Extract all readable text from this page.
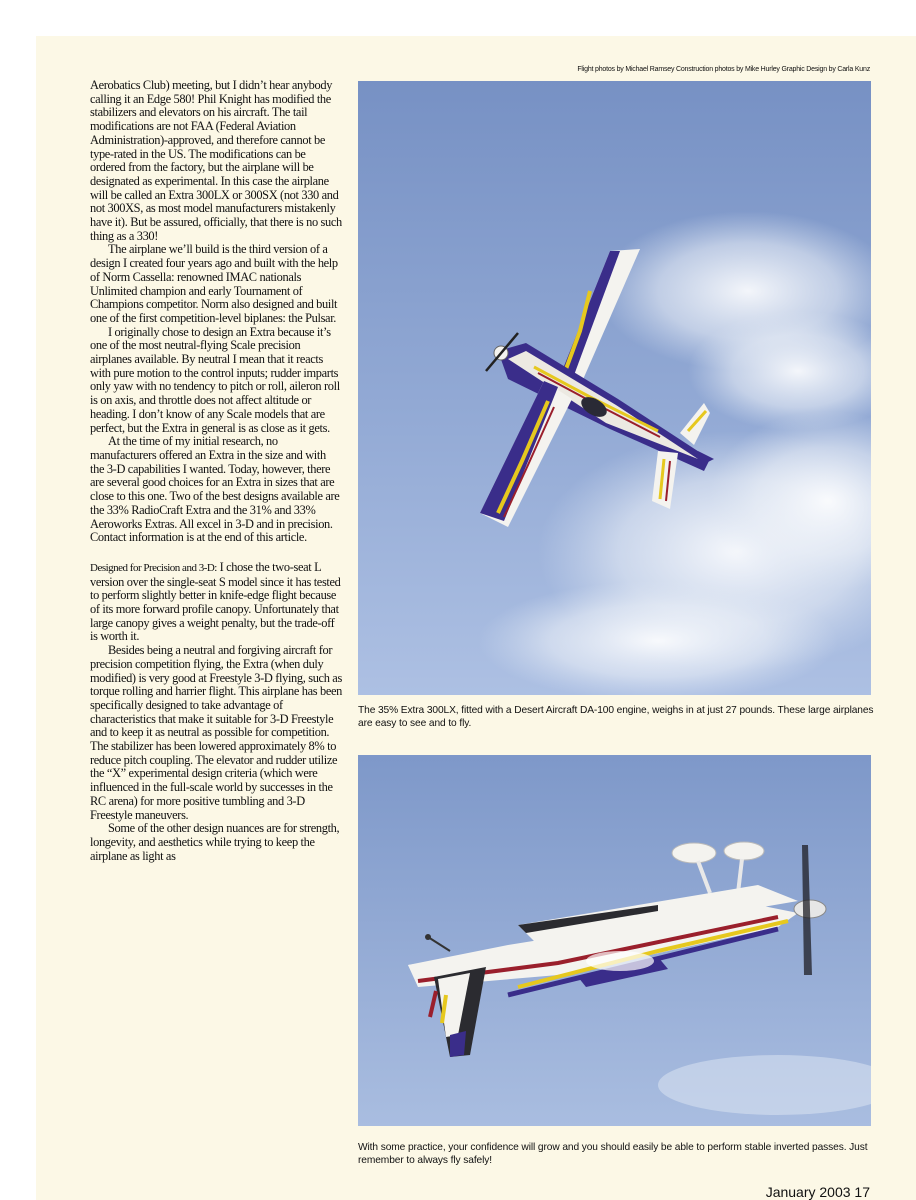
Flight photos by Michael Ramsey Construction photos by Mike Hurley Graphic Design by Carla Kunz

Aerobatics Club) meeting, but I didn’t hear anybody calling it an Edge 580! Phil Knight has modified the stabilizers and elevators on his aircraft. The tail modifications are not FAA (Federal Aviation Administration)-approved, and therefore cannot be type-rated in the US. The modifications can be ordered from the factory, but the airplane will be designated as experimental. In this case the airplane will be called an Extra 300LX or 300SX (not 330 and not 300XS, as most model manufacturers mistakenly have it). But be assured, officially, that there is no such thing as a 330!

The airplane we’ll build is the third version of a design I created four years ago and built with the help of Norm Cassella: renowned IMAC nationals Unlimited champion and early Tournament of Champions competitor. Norm also designed and built one of the first competition-level biplanes: the Pulsar.

I originally chose to design an Extra because it’s one of the most neutral-flying Scale precision airplanes available. By neutral I mean that it reacts with pure motion to the control inputs; rudder imparts only yaw with no tendency to pitch or roll, aileron roll is on axis, and throttle does not affect altitude or heading. I don’t know of any Scale models that are perfect, but the Extra in general is as close as it gets.

At the time of my initial research, no manufacturers offered an Extra in the size and with the 3-D capabilities I wanted. Today, however, there are several good choices for an Extra in sizes that are close to this one. Two of the best designs available are the 33% RadioCraft Extra and the 31% and 33% Aeroworks Extras. All excel in 3-D and in precision. Contact information is at the end of this article.

Designed for Precision and 3-D: I chose the two-seat L version over the single-seat S model since it has tested to perform slightly better in knife-edge flight because of its more forward profile canopy. Unfortunately that large canopy gives a weight penalty, but the trade-off is worth it.

Besides being a neutral and forgiving aircraft for precision competition flying, the Extra (when duly modified) is very good at Freestyle 3-D flying, such as torque rolling and harrier flight. This airplane has been specifically designed to take advantage of characteristics that make it suitable for 3-D Freestyle and to keep it as neutral as possible for competition. The stabilizer has been lowered approximately 8% to reduce pitch coupling. The elevator and rudder utilize the “X” experimental design criteria (which were influenced in the full-scale world by successes in the RC arena) for more positive tumbling and 3-D Freestyle maneuvers.

Some of the other design nuances are for strength, longevity, and aesthetics while trying to keep the airplane as light as

The 35% Extra 300LX, fitted with a Desert Aircraft DA-100 engine, weighs in at just 27 pounds. These large airplanes are easy to see and to fly.
With some practice, your confidence will grow and you should easily be able to perform stable inverted passes. Just remember to always fly safely!
January 2003 17
